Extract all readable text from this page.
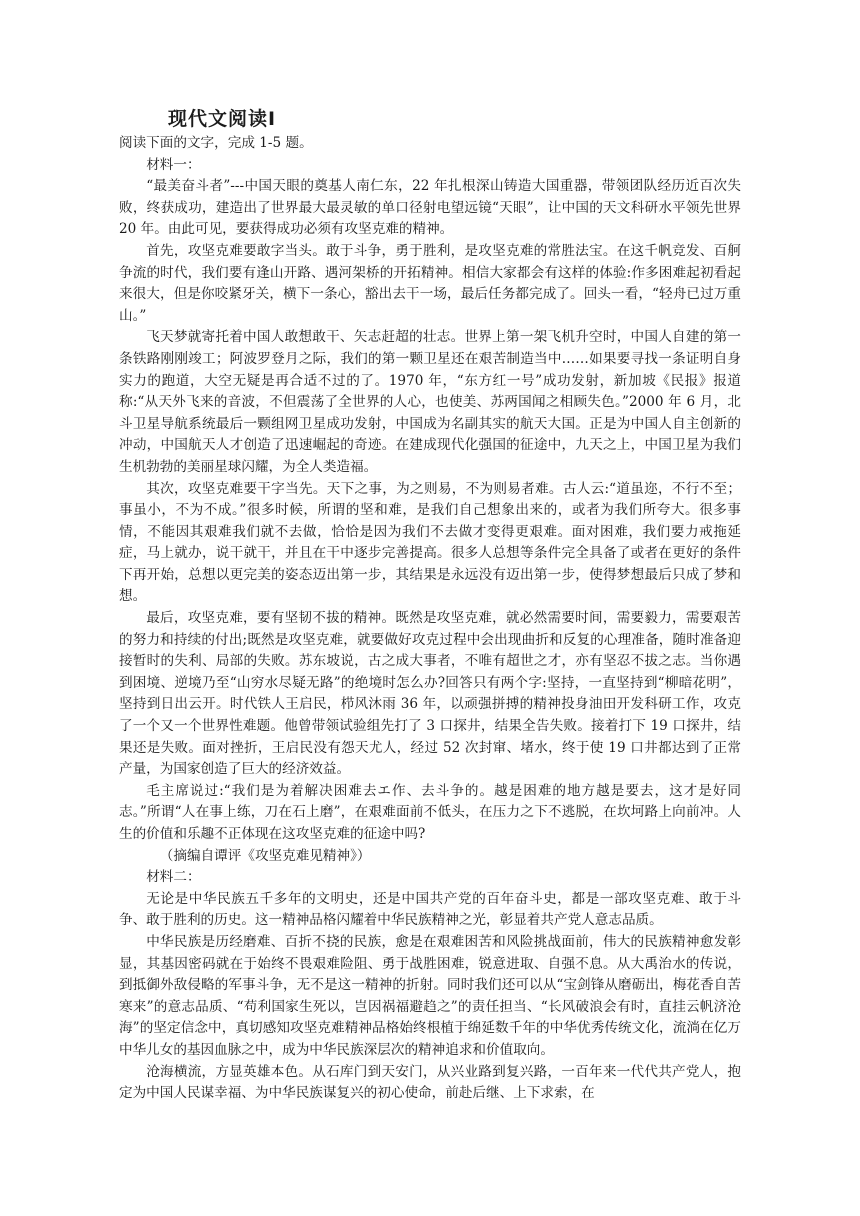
现代文阅读Ⅰ

阅读下面的文字，完成 1-5 题。

材料一：

“最美奋斗者”---中国天眼的奠基人南仁东，22 年扎根深山铸造大国重器，带领团队经历近百次失败，终获成功，建造出了世界最大最灵敏的单口径射电望远镜“天眼”，让中国的天文科研水平领先世界 20 年。由此可见，要获得成功必须有攻坚克难的精神。

首先，攻坚克难要敢字当头。敢于斗争，勇于胜利，是攻坚克难的常胜法宝。在这千帆竞发、百舸争流的时代，我们要有逢山开路、遇河架桥的开拓精神。相信大家都会有这样的体验:作多困难起初看起来很大，但是你咬紧牙关，横下一条心，豁出去干一场，最后任务都完成了。回头一看，“轻舟已过万重山。”

飞天梦就寄托着中国人敢想敢干、矢志赶超的壮志。世界上第一架飞机升空时，中国人自建的第一条铁路刚刚竣工；阿波罗登月之际，我们的第一颗卫星还在艰苦制造当中……如果要寻找一条证明自身实力的跑道，大空无疑是再合适不过的了。1970 年，“东方红一号”成功发射，新加坡《民报》报道称:“从天外飞来的音波，不但震荡了全世界的人心，也使美、苏两国闻之相顾失色。”2000 年 6 月，北斗卫星导航系统最后一颗组网卫星成功发射，中国成为名副其实的航天大国。正是为中国人自主创新的冲动，中国航天人才创造了迅速崛起的奇迹。在建成现代化强国的征途中，九天之上，中国卫星为我们生机勃勃的美丽星球闪耀，为全人类造福。

其次，攻坚克难要干字当先。天下之事，为之则易，不为则易者难。古人云:“道虽迩，不行不至；事虽小，不为不成。”很多时候，所谓的坚和难，是我们自己想象出来的，或者为我们所夸大。很多事情，不能因其艰难我们就不去做，恰恰是因为我们不去做才变得更艰难。面对困难，我们要力戒拖延症，马上就办，说干就干，并且在干中逐步完善提高。很多人总想等条件完全具备了或者在更好的条件下再开始，总想以更完美的姿态迈出第一步，其结果是永远没有迈出第一步，使得梦想最后只成了梦和想。

最后，攻坚克难，要有坚韧不拔的精神。既然是攻坚克难，就必然需要时间，需要毅力，需要艰苦的努力和持续的付出;既然是攻坚克难，就要做好攻克过程中会出现曲折和反复的心理准备，随时准备迎接暂时的失利、局部的失败。苏东坡说，古之成大事者，不唯有超世之才，亦有坚忍不拔之志。当你遇到困境、逆境乃至“山穷水尽疑无路”的绝境时怎么办?回答只有两个字:坚持，一直坚持到“柳暗花明”，坚持到日出云开。时代铁人王启民，栉风沐雨 36 年，以顽强拼搏的精神投身油田开发科研工作，攻克了一个又一个世界性难题。他曾带领试验组先打了 3 口探井，结果全告失败。接着打下 19 口探井，结果还是失败。面对挫折，王启民没有怨天尤人，经过 52 次封窜、堵水，终于使 19 口井都达到了正常产量，为国家创造了巨大的经济效益。

毛主席说过:“我们是为着解决困难去エ作、去斗争的。越是困难的地方越是要去，这才是好同志。”所谓“人在事上练，刀在石上磨”，在艰难面前不低头，在压力之下不逃脱，在坎坷路上向前冲。人生的价值和乐趣不正体现在这攻坚克难的征途中吗?

（摘编自谭评《攻坚克难见精神》）

材料二：

无论是中华民族五千多年的文明史，还是中国共产党的百年奋斗史，都是一部攻坚克难、敢于斗争、敢于胜利的历史。这一精神品格闪耀着中华民族精神之光，彰显着共产党人意志品质。

中华民族是历经磨难、百折不挠的民族，愈是在艰难困苦和风险挑战面前，伟大的民族精神愈发彰显，其基因密码就在于始终不畏艰难险阻、勇于战胜困难，锐意进取、自强不息。从大禹治水的传说，到抵御外敌侵略的军事斗争，无不是这一精神的折射。同时我们还可以从“宝剑锋从磨砺出，梅花香自苦寒来”的意志品质、“苟利国家生死以，岂因祸福避趋之”的责任担当、“长风破浪会有时，直挂云帆济沧海”的坚定信念中，真切感知攻坚克难精神品格始终根植于绵延数千年的中华优秀传统文化，流淌在亿万中华儿女的基因血脉之中，成为中华民族深层次的精神追求和价值取向。

沧海横流，方显英雄本色。从石库门到天安门，从兴业路到复兴路，一百年来一代代共产党人，抱定为中国人民谋幸福、为中华民族谋复兴的初心使命，前赴后继、上下求索，在
